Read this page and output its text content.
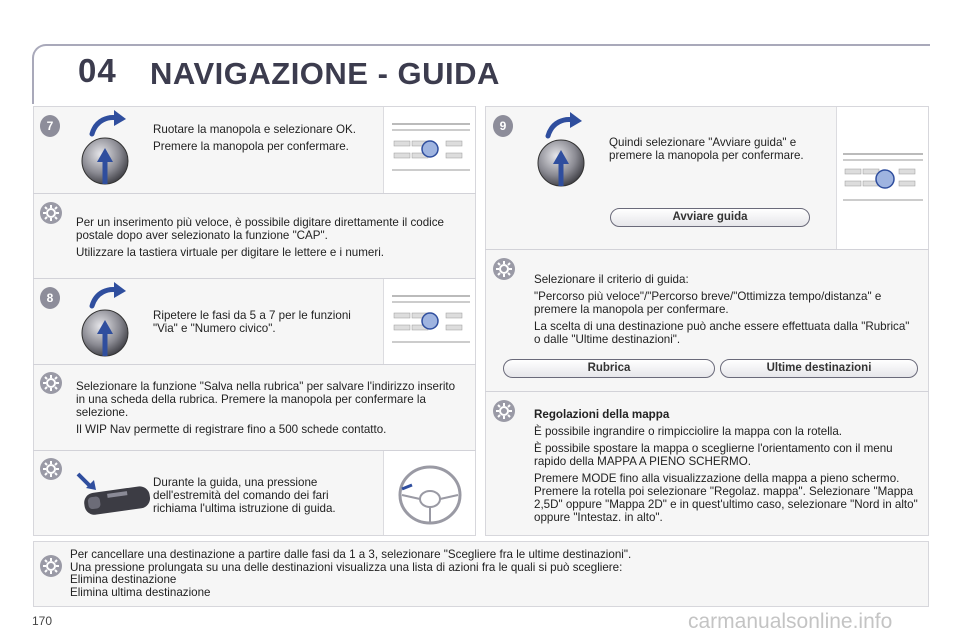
04 NAVIGAZIONE - GUIDA
7	Ruotare la manopola e selezionare OK.

Premere la manopola per confermare.

Per un inserimento più veloce, è possibile digitare direttamente il codice postale dopo aver selezionato la funzione "CAP".

Utilizzare la tastiera virtuale per digitare le lettere e i numeri.

8

Ripetere le fasi da 5 a 7 per le funzioni "Via" e "Numero civico".

Selezionare la funzione "Salva nella rubrica" per salvare l'indirizzo inserito in una scheda della rubrica. Premere la manopola per confermare la selezione.

Il WIP Nav permette di registrare fino a 500 schede contatto.

Durante la guida, una pressione dell'estremità del comando dei fari richiama l'ultima istruzione di guida.

9

Quindi selezionare "Avviare guida" e premere la manopola per confermare.

Avviare guida

Selezionare il criterio di guida:

"Percorso più veloce"/"Percorso breve/"Ottimizza tempo/distanza" e premere la manopola per confermare.

La scelta di una destinazione può anche essere effettuata dalla "Rubrica" o dalle "Ultime destinazioni".

Rubrica	Ultime destinazioni

Regolazioni della mappa

È possibile ingrandire o rimpicciolire la mappa con la rotella.

È possibile spostare la mappa o sceglierne l'orientamento con il menu rapido della MAPPA A PIENO SCHERMO.

Premere MODE fino alla visualizzazione della mappa a pieno schermo. Premere la rotella poi selezionare "Regolaz. mappa". Selezionare "Mappa 2,5D" oppure "Mappa 2D" e in quest'ultimo caso, selezionare "Nord in alto" oppure "Intestaz. in alto".

Per cancellare una destinazione a partire dalle fasi da 1 a 3, selezionare "Scegliere fra le ultime destinazioni".
Una pressione prolungata su una delle destinazioni visualizza una lista di azioni fra le quali si può scegliere:
Elimina destinazione
Elimina ultima destinazione
170	carmanualsonline.info
